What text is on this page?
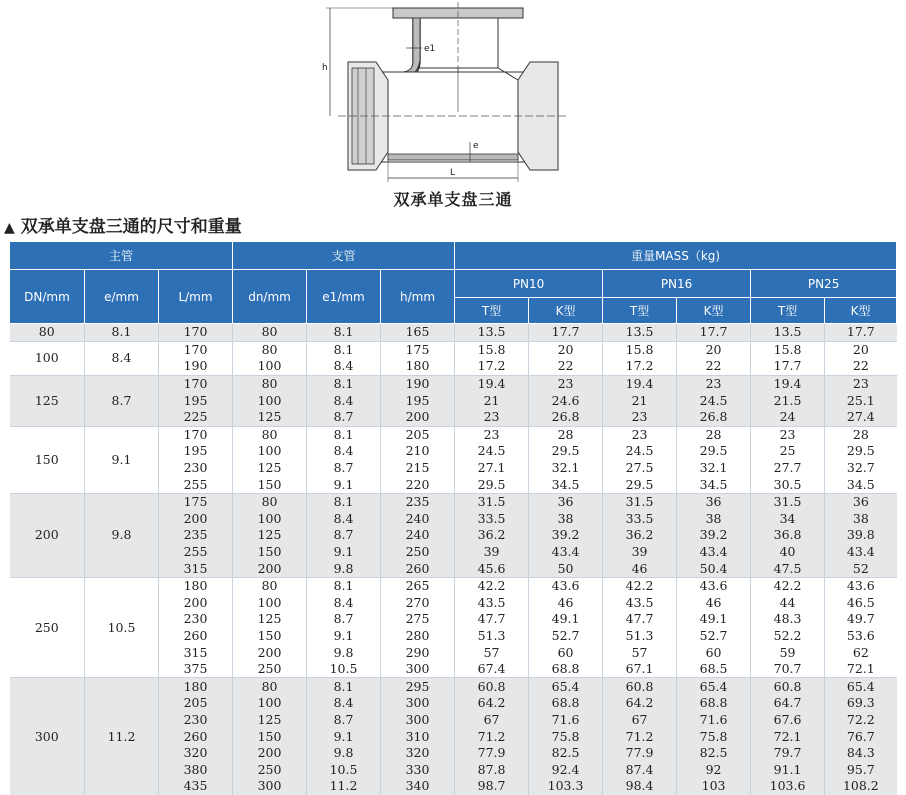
h
e1
e
L
双承单支盘三通
▲ 双承单支盘三通的尺寸和重量
主管			支管			重量MASS（kg)					
DN/mm	e/mm	L/mm	dn/mm	e1/mm	h/mm	PN10		PN16		PN25	
						T型	K型	T型	K型	T型	K型
80	8.1	170	80	8.1	165	13.5	17.7	13.5	17.7	13.5	17.7
100	8.4	170	80	8.1	175	15.8	20	15.8	20	15.8	20
		190	100	8.4	180	17.2	22	17.2	22	17.7	22
125	8.7	170	80	8.1	190	19.4	23	19.4	23	19.4	23
		195	100	8.4	195	21	24.6	21	24.5	21.5	25.1
		225	125	8.7	200	23	26.8	23	26.8	24	27.4
150	9.1	170	80	8.1	205	23	28	23	28	23	28
		195	100	8.4	210	24.5	29.5	24.5	29.5	25	29.5
		230	125	8.7	215	27.1	32.1	27.5	32.1	27.7	32.7
		255	150	9.1	220	29.5	34.5	29.5	34.5	30.5	34.5
200	9.8	175	80	8.1	235	31.5	36	31.5	36	31.5	36
		200	100	8.4	240	33.5	38	33.5	38	34	38
		235	125	8.7	240	36.2	39.2	36.2	39.2	36.8	39.8
		255	150	9.1	250	39	43.4	39	43.4	40	43.4
		315	200	9.8	260	45.6	50	46	50.4	47.5	52
250	10.5	180	80	8.1	265	42.2	43.6	42.2	43.6	42.2	43.6
		200	100	8.4	270	43.5	46	43.5	46	44	46.5
		230	125	8.7	275	47.7	49.1	47.7	49.1	48.3	49.7
		260	150	9.1	280	51.3	52.7	51.3	52.7	52.2	53.6
		315	200	9.8	290	57	60	57	60	59	62
		375	250	10.5	300	67.4	68.8	67.1	68.5	70.7	72.1
300	11.2	180	80	8.1	295	60.8	65.4	60.8	65.4	60.8	65.4
		205	100	8.4	300	64.2	68.8	64.2	68.8	64.7	69.3
		230	125	8.7	300	67	71.6	67	71.6	67.6	72.2
		260	150	9.1	310	71.2	75.8	71.2	75.8	72.1	76.7
		320	200	9.8	320	77.9	82.5	77.9	82.5	79.7	84.3
		380	250	10.5	330	87.8	92.4	87.4	92	91.1	95.7
		435	300	11.2	340	98.7	103.3	98.4	103	103.6	108.2
